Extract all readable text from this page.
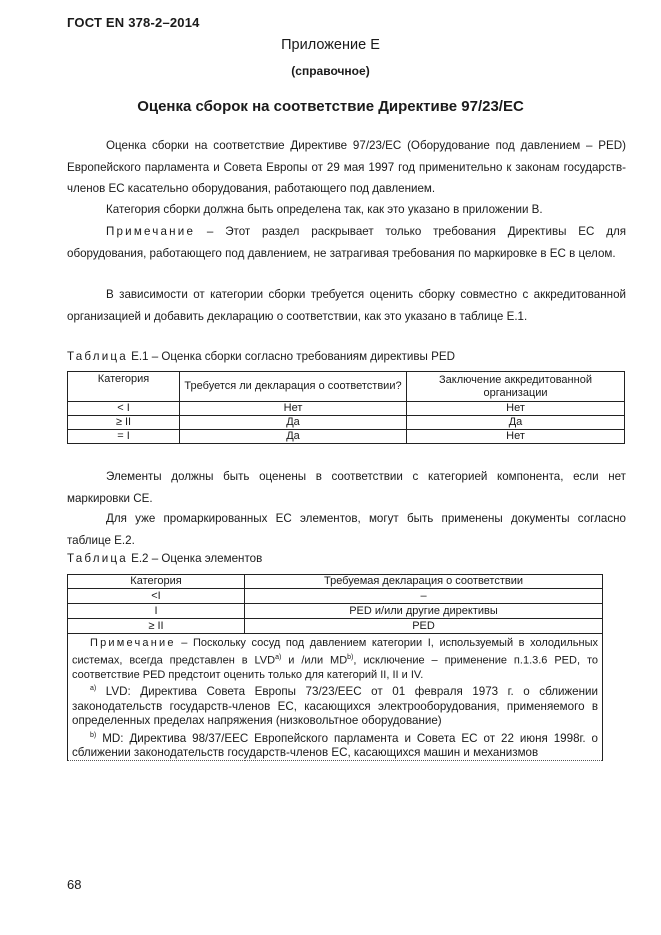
ГОСТ EN 378-2–2014
Приложение Е
(справочное)
Оценка сборок на соответствие Директиве 97/23/ЕС
Оценка сборки на соответствие Директиве 97/23/ЕС (Оборудование под давлением – PED) Европейского парламента и Совета Европы от 29 мая 1997 год применительно к законам государств-членов ЕС касательно оборудования, работающего под давлением.
Категория сборки должна быть определена так, как это указано в приложении В.
Примечание – Этот раздел раскрывает только требования Директивы ЕС для оборудования, работающего под давлением, не затрагивая требования по маркировке в ЕС в целом.
В зависимости от категории сборки требуется оценить сборку совместно с аккредитованной организацией и добавить декларацию о соответствии, как это указано в таблице Е.1.
Таблица Е.1 – Оценка сборки согласно требованиям директивы PED
Категория	Требуется ли декларация о соответствии?	Заключение аккредитованной организации
< I	Нет	Нет
≥ II	Да	Да
= I	Да	Нет
Элементы должны быть оценены в соответствии с категорией компонента, если нет маркировки СЕ.
Для уже промаркированных ЕС элементов, могут быть применены документы согласно таблице Е.2.
Таблица Е.2 – Оценка элементов
Категория	Требуемая декларация о соответствии
<I	–
I	PED и/или другие директивы
≥ II	PED

Примечание – Поскольку сосуд под давлением категории I, используемый в холодильных системах, всегда представлен в LVD$^{a)}$ и /или MD$^{b)}$, исключение – применение п.1.3.6 PED, то соответствие PED предстоит оценить только для категорий II, II и IV.
$^{a)}$ LVD: Директива Совета Европы 73/23/ЕЕС от 01 февраля 1973 г. о сближении законодательств государств-членов ЕС, касающихся электрооборудования, применяемого в определенных пределах напряжения (низковольтное оборудование)
$^{b)}$ MD: Директива 98/37/ЕЕС Европейского парламента и Совета ЕС от 22 июня 1998г. о сближении законодательств государств-членов ЕС, касающихся машин и механизмов	
68
